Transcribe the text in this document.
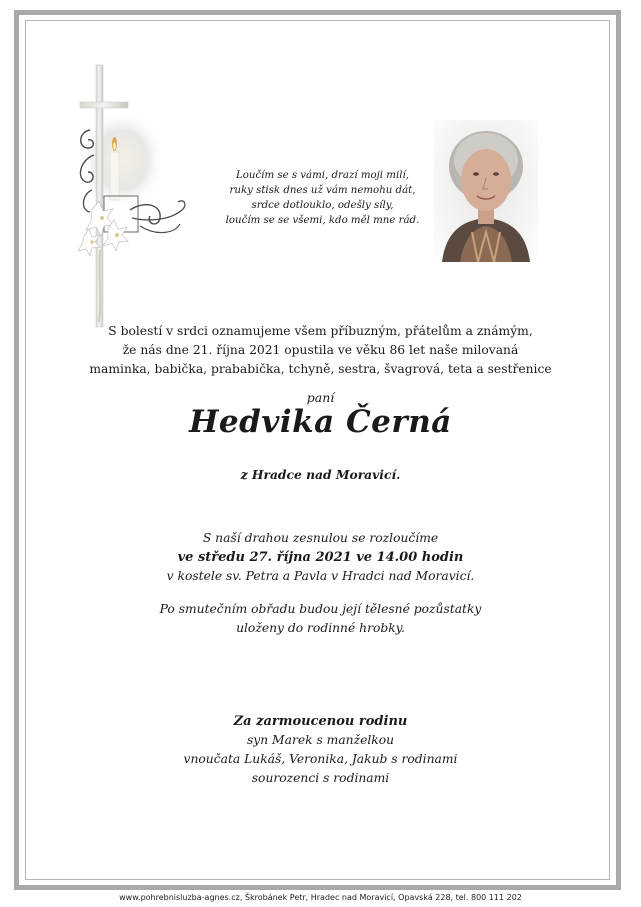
Loučím se s vámi, drazí moji milí,
ruky stisk dnes už vám nemohu dát,
srdce dotlouklo, odešly síly,
loučím se se všemi, kdo měl mne rád.
S bolestí v srdci oznamujeme všem příbuzným, přátelům a známým,
že nás dne 21. října 2021 opustila ve věku 86 let naše milovaná
maminka, babička, prababička, tchyně, sestra, švagrová, teta a sestřenice
paní
Hedvika Černá
z Hradce nad Moravicí.
S naší drahou zesnulou se rozloučíme
ve středu 27. října 2021 ve 14.00 hodin
v kostele sv. Petra a Pavla v Hradci nad Moravicí.
Po smutečním obřadu budou její tělesné pozůstatky
uloženy do rodinné hrobky.
Za zarmoucenou rodinu
syn Marek s manželkou
vnoučata Lukáš, Veronika, Jakub s rodinami
sourozenci s rodinami
www.pohrebnisluzba-agnes.cz, Škrobánek Petr, Hradec nad Moravicí, Opavská 228, tel. 800 111 202
